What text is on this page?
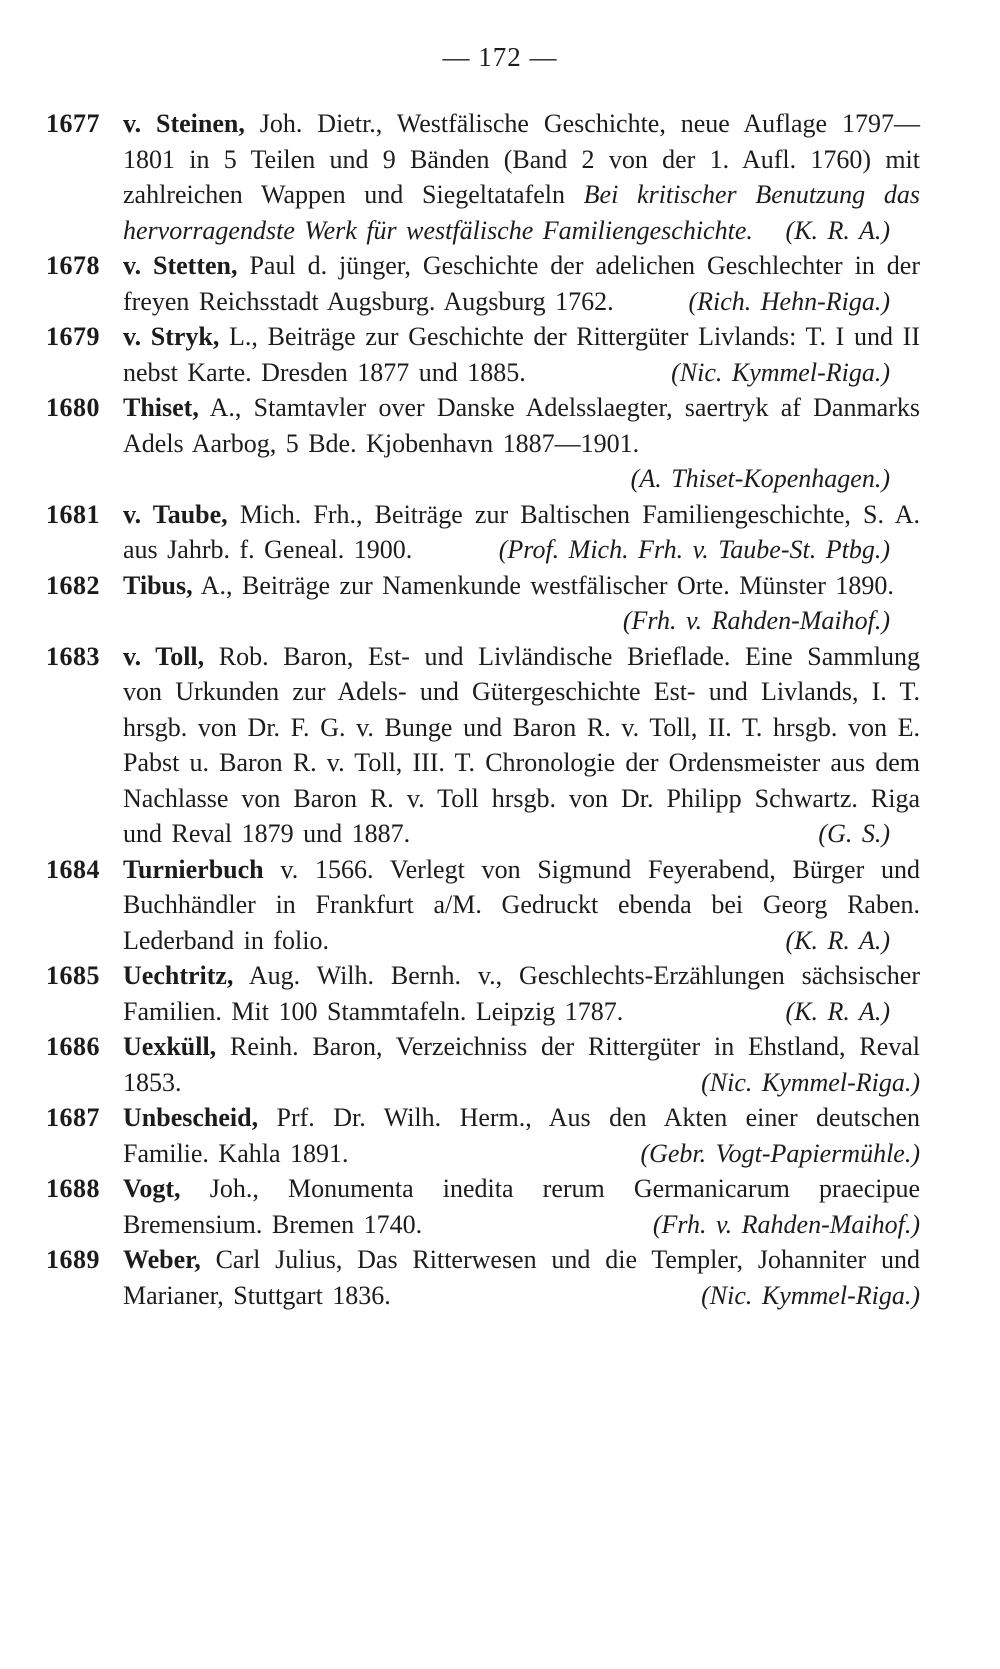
— 172 —
1677 v. Steinen, Joh. Dietr., Westfälische Geschichte, neue Auflage 1797—1801 in 5 Teilen und 9 Bänden (Band 2 von der 1. Aufl. 1760) mit zahlreichen Wappen und Siegeltatafeln Bei kritischer Benutzung das hervorragendste Werk für westfälische Familiengeschichte. (K. R. A.)
1678 v. Stetten, Paul d. jünger, Geschichte der adelichen Geschlechter in der freyen Reichsstadt Augsburg. Augsburg 1762.	(Rich. Hehn-Riga.)
1679 v. Stryk, L., Beiträge zur Geschichte der Rittergüter Livlands: T. I und II nebst Karte. Dresden 1877 und 1885.	(Nic. Kymmel-Riga.)
1680 Thiset, A., Stamtavler over Danske Adelsslaegter, saertryk af Danmarks Adels Aarbog, 5 Bde. Kjobenhavn 1887—1901.
(A. Thiset-Kopenhagen.)
1681 v. Taube, Mich. Frh., Beiträge zur Baltischen Familiengeschichte, S. A. aus Jahrb. f. Geneal. 1900.	(Prof. Mich. Frh. v. Taube-St. Ptbg.)
1682 Tibus, A., Beiträge zur Namenkunde westfälischer Orte. Münster 1890.
(Frh. v. Rahden-Maihof.)
1683 v. Toll, Rob. Baron, Est- und Livländische Brieflade. Eine Sammlung von Urkunden zur Adels- und Gütergeschichte Est- und Livlands, I. T. hrsgb. von Dr. F. G. v. Bunge und Baron R. v. Toll, II. T. hrsgb. von E. Pabst u. Baron R. v. Toll, III. T. Chronologie der Ordensmeister aus dem Nachlasse von Baron R. v. Toll hrsgb. von Dr. Philipp Schwartz. Riga und Reval 1879 und 1887.	(G. S.)
1684 Turnierbuch v. 1566. Verlegt von Sigmund Feyerabend, Bürger und Buchhändler in Frankfurt a/M. Gedruckt ebenda bei Georg Raben. Lederband in folio.	(K. R. A.)
1685 Uechtritz, Aug. Wilh. Bernh. v., Geschlechts-Erzählungen sächsischer Familien. Mit 100 Stammtafeln. Leipzig 1787.	(K. R. A.)
1686 Uexküll, Reinh. Baron, Verzeichniss der Rittergüter in Ehstland, Reval 1853.	(Nic. Kymmel-Riga.)
1687 Unbescheid, Prf. Dr. Wilh. Herm., Aus den Akten einer deutschen Familie. Kahla 1891.	(Gebr. Vogt-Papiermühle.)
1688 Vogt, Joh., Monumenta inedita rerum Germanicarum praecipue Bremensium. Bremen 1740.	(Frh. v. Rahden-Maihof.)
1689 Weber, Carl Julius, Das Ritterwesen und die Templer, Johanniter und Marianer, Stuttgart 1836.	(Nic. Kymmel-Riga.)
